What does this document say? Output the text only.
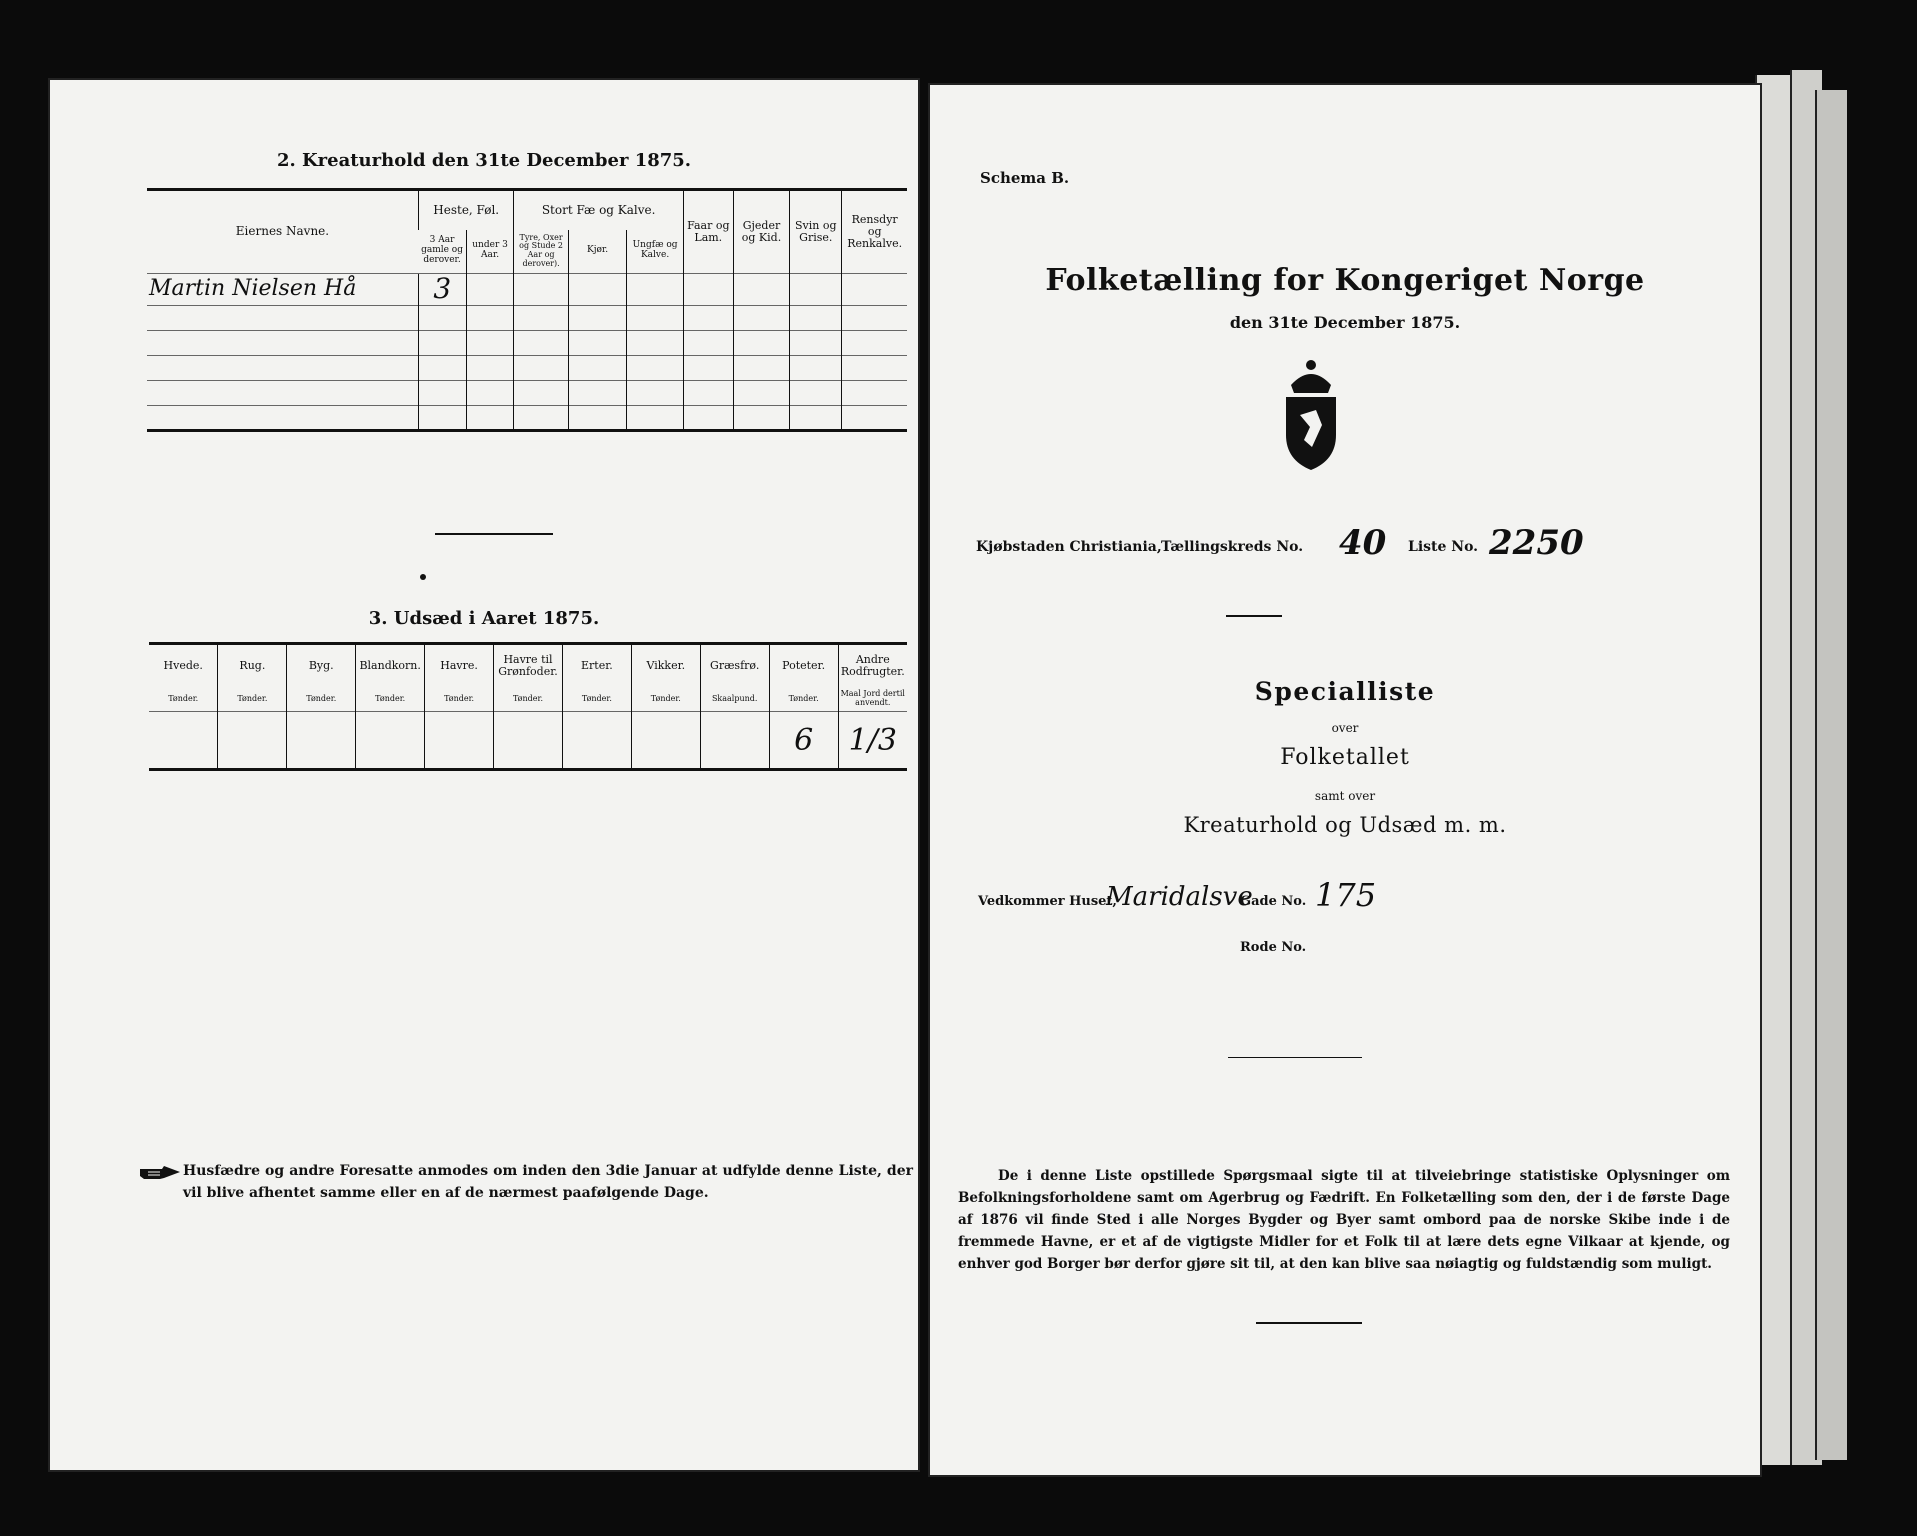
2. Kreaturhold den 31te December 1875.
Eiernes Navne.	Heste, Føl.		Stort Fæ og Kalve.			Faar og Lam.	Gjeder og Kid.	Svin og Grise.	Rensdyr og Renkalve.
	3 Aar gamle og derover.	under 3 Aar.	Tyre, Oxer og Stude 2 Aar og derover).	Kjør.	Ungfæ og Kalve.				
Martin Nielsen Hå	3								

3. Udsæd i Aaret 1875.
Hvede.	Rug.	Byg.	Blandkorn.	Havre.	Havre til Grønfoder.	Erter.	Vikker.	Græsfrø.	Poteter.	Andre Rodfrugter.
Tønder.	Tønder.	Tønder.	Tønder.	Tønder.	Tønder.	Tønder.	Tønder.	Skaalpund.	Tønder.	Maal Jord dertil anvendt.
									6	1/3
Husfædre og andre Foresatte anmodes om inden den 3die Januar at udfylde denne Liste, der vil blive afhentet samme eller en af de nærmest paafølgende Dage.
Schema B.
Folketælling for Kongeriget Norge
den 31te December 1875.
Kjøbstaden Christiania, Tællingskreds No. 40 Liste No. 2250
Specialliste
over
Folketallet
samt over
Kreaturhold og Udsæd m. m.
Vedkommer Huset,
Maridalsve
Gade No. 175
Rode No.
De i denne Liste opstillede Spørgsmaal sigte til at tilveiebringe statistiske Oplysninger om Befolkningsforholdene samt om Agerbrug og Fædrift. En Folketælling som den, der i de første Dage af 1876 vil finde Sted i alle Norges Bygder og Byer samt ombord paa de norske Skibe inde i de fremmede Havne, er et af de vigtigste Midler for et Folk til at lære dets egne Vilkaar at kjende, og enhver god Borger bør derfor gjøre sit til, at den kan blive saa nøiagtig og fuldstændig som muligt.
